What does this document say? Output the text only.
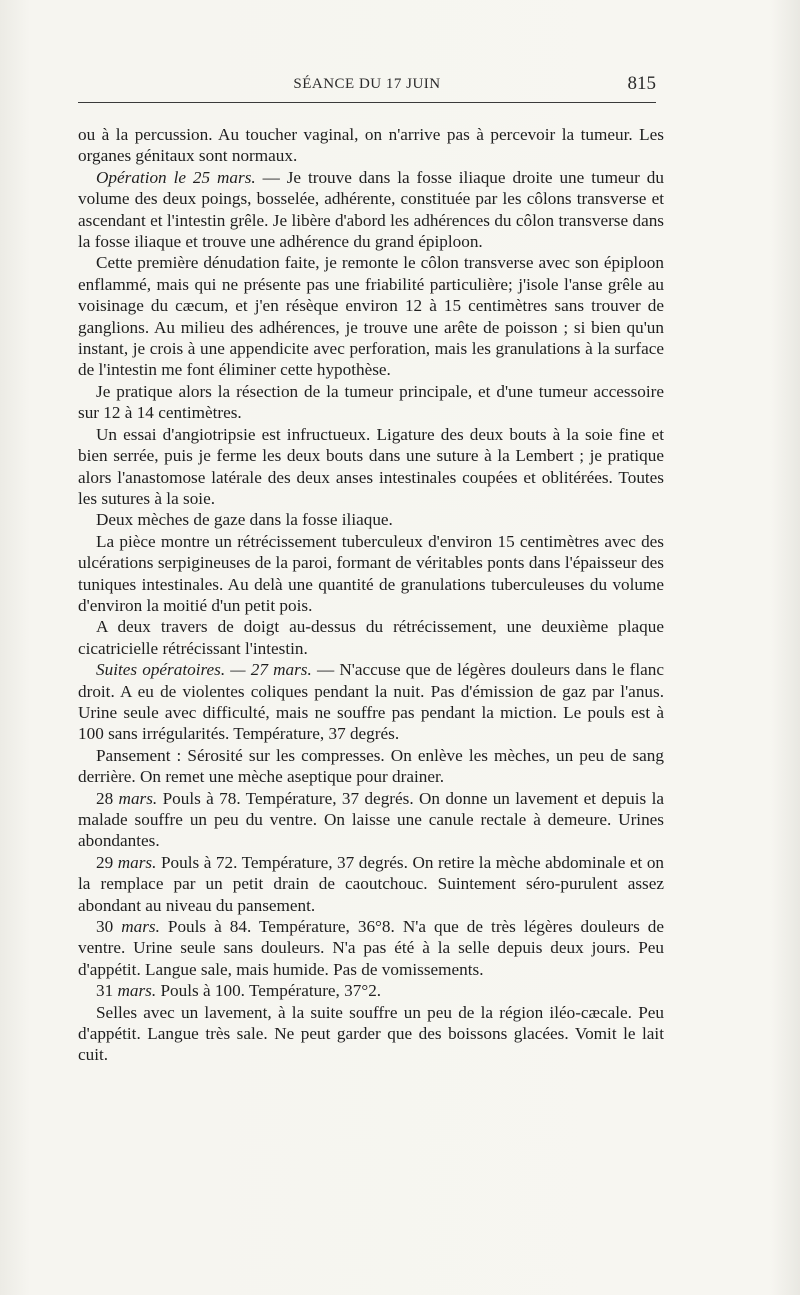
SÉANCE DU 17 JUIN	815

ou à la percussion. Au toucher vaginal, on n'arrive pas à percevoir la tumeur. Les organes génitaux sont normaux.

Opération le 25 mars. — Je trouve dans la fosse iliaque droite une tumeur du volume des deux poings, bosselée, adhérente, constituée par les côlons transverse et ascendant et l'intestin grêle. Je libère d'abord les adhérences du côlon transverse dans la fosse iliaque et trouve une adhérence du grand épiploon.

Cette première dénudation faite, je remonte le côlon transverse avec son épiploon enflammé, mais qui ne présente pas une friabilité particulière; j'isole l'anse grêle au voisinage du cæcum, et j'en résèque environ 12 à 15 centimètres sans trouver de ganglions. Au milieu des adhérences, je trouve une arête de poisson ; si bien qu'un instant, je crois à une appendicite avec perforation, mais les granulations à la surface de l'intestin me font éliminer cette hypothèse.

Je pratique alors la résection de la tumeur principale, et d'une tumeur accessoire sur 12 à 14 centimètres.

Un essai d'angiotripsie est infructueux. Ligature des deux bouts à la soie fine et bien serrée, puis je ferme les deux bouts dans une suture à la Lembert ; je pratique alors l'anastomose latérale des deux anses intestinales coupées et oblitérées. Toutes les sutures à la soie.

Deux mèches de gaze dans la fosse iliaque.

La pièce montre un rétrécissement tuberculeux d'environ 15 centimètres avec des ulcérations serpigineuses de la paroi, formant de véritables ponts dans l'épaisseur des tuniques intestinales. Au delà une quantité de granulations tuberculeuses du volume d'environ la moitié d'un petit pois.

A deux travers de doigt au-dessus du rétrécissement, une deuxième plaque cicatricielle rétrécissant l'intestin.

Suites opératoires. — 27 mars. — N'accuse que de légères douleurs dans le flanc droit. A eu de violentes coliques pendant la nuit. Pas d'émission de gaz par l'anus. Urine seule avec difficulté, mais ne souffre pas pendant la miction. Le pouls est à 100 sans irrégularités. Température, 37 degrés.

Pansement : Sérosité sur les compresses. On enlève les mèches, un peu de sang derrière. On remet une mèche aseptique pour drainer.

28 mars. Pouls à 78. Température, 37 degrés. On donne un lavement et depuis la malade souffre un peu du ventre. On laisse une canule rectale à demeure. Urines abondantes.

29 mars. Pouls à 72. Température, 37 degrés. On retire la mèche abdominale et on la remplace par un petit drain de caoutchouc. Suintement séro-purulent assez abondant au niveau du pansement.

30 mars. Pouls à 84. Température, 36°8. N'a que de très légères douleurs de ventre. Urine seule sans douleurs. N'a pas été à la selle depuis deux jours. Peu d'appétit. Langue sale, mais humide. Pas de vomissements.

31 mars. Pouls à 100. Température, 37°2.

Selles avec un lavement, à la suite souffre un peu de la région iléo-cæcale. Peu d'appétit. Langue très sale. Ne peut garder que des boissons glacées. Vomit le lait cuit.
